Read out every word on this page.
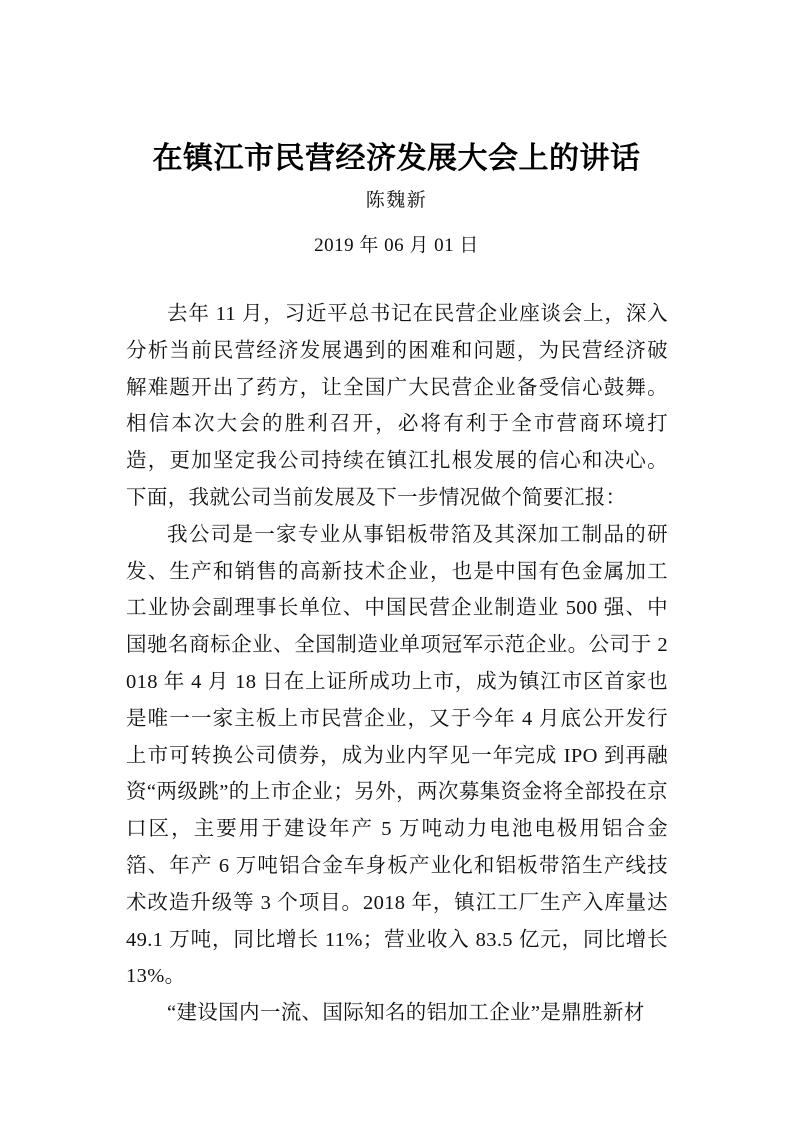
在镇江市民营经济发展大会上的讲话

陈魏新

2019 年 06 月 01 日

去年 11 月，习近平总书记在民营企业座谈会上，深入分析当前民营经济发展遇到的困难和问题，为民营经济破解难题开出了药方，让全国广大民营企业备受信心鼓舞。相信本次大会的胜利召开，必将有利于全市营商环境打造，更加坚定我公司持续在镇江扎根发展的信心和决心。下面，我就公司当前发展及下一步情况做个简要汇报：

我公司是一家专业从事铝板带箔及其深加工制品的研发、生产和销售的高新技术企业，也是中国有色金属加工工业协会副理事长单位、中国民营企业制造业 500 强、中国驰名商标企业、全国制造业单项冠军示范企业。公司于 2018 年 4 月 18 日在上证所成功上市，成为镇江市区首家也是唯一一家主板上市民营企业，又于今年 4 月底公开发行上市可转换公司债券，成为业内罕见一年完成 IPO 到再融资“两级跳”的上市企业；另外，两次募集资金将全部投在京口区，主要用于建设年产 5 万吨动力电池电极用铝合金箔、年产 6 万吨铝合金车身板产业化和铝板带箔生产线技术改造升级等 3 个项目。2018 年，镇江工厂生产入库量达 49.1 万吨，同比增长 11%；营业收入 83.5 亿元，同比增长 13%。

“建设国内一流、国际知名的铝加工企业”是鼎胜新材
